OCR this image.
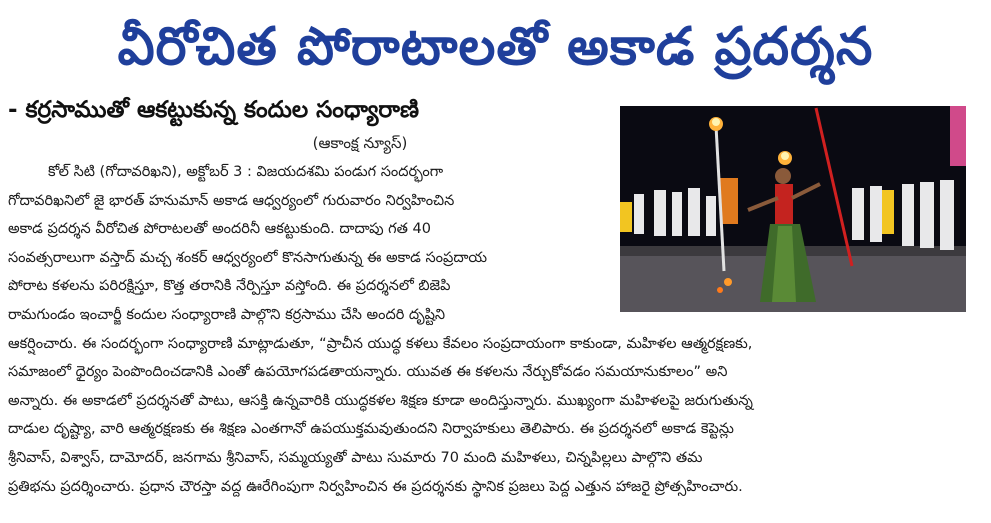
వీరోచిత పోరాటాలతో అకాడ ప్రదర్శన
- కర్రసాముతో ఆకట్టుకున్న కందుల సంధ్యారాణి
(ఆకాంక్ష న్యూస్)
కోల్ సిటి (గోదావరిఖని), అక్టోబర్ 3 : విజయదశమి పండుగ సందర్భంగా
గోదావరిఖనిలో జై భారత్ హనుమాన్ అకాడ ఆధ్వర్యంలో గురువారం నిర్వహించిన
అకాడ ప్రదర్శన వీరోచిత పోరాటలతో అందరినీ ఆకట్టుకుంది. దాదాపు గత 40
సంవత్సరాలుగా వస్తాద్ మచ్చ శంకర్ ఆధ్వర్యంలో కొనసాగుతున్న ఈ అకాడ సంప్రదాయ
పోరాట కళలను పరిరక్షిస్తూ, కొత్త తరానికి నేర్పిస్తూ వస్తోంది. ఈ ప్రదర్శనలో బిజెపి
రామగుండం ఇంచార్జీ కందుల సంధ్యారాణి పాల్గొని కర్రసాము చేసి అందరి దృష్టిని
ఆకర్షించారు. ఈ సందర్భంగా సంధ్యారాణి మాట్లాడుతూ, “ప్రాచీన యుద్ధ కళలు కేవలం సంప్రదాయంగా కాకుండా, మహిళల ఆత్మరక్షణకు,
సమాజంలో ధైర్యం పెంపొందించడానికి ఎంతో ఉపయోగపడతాయన్నారు. యువత ఈ కళలను నేర్చుకోవడం సమయానుకూలం” అని
అన్నారు. ఈ అకాడలో ప్రదర్శనతో పాటు, ఆసక్తి ఉన్నవారికి యుద్ధకళల శిక్షణ కూడా అందిస్తున్నారు. ముఖ్యంగా మహిళలపై జరుగుతున్న
దాడుల దృష్ట్యా, వారి ఆత్మరక్షణకు ఈ శిక్షణ ఎంతగానో ఉపయుక్తమవుతుందని నిర్వాహకులు తెలిపారు. ఈ ప్రదర్శనలో అకాడ కెప్టెన్లు
శ్రీనివాస్, విశ్వాస్, దామోదర్, జనగామ శ్రీనివాస్, సమ్మయ్యతో పాటు సుమారు 70 మంది మహిళలు, చిన్నపిల్లలు పాల్గొని తమ
ప్రతిభను ప్రదర్శించారు. ప్రధాన చౌరస్తా వద్ద ఊరేగింపుగా నిర్వహించిన ఈ ప్రదర్శనకు స్థానిక ప్రజలు పెద్ద ఎత్తున హాజరై ప్రోత్సహించారు.
